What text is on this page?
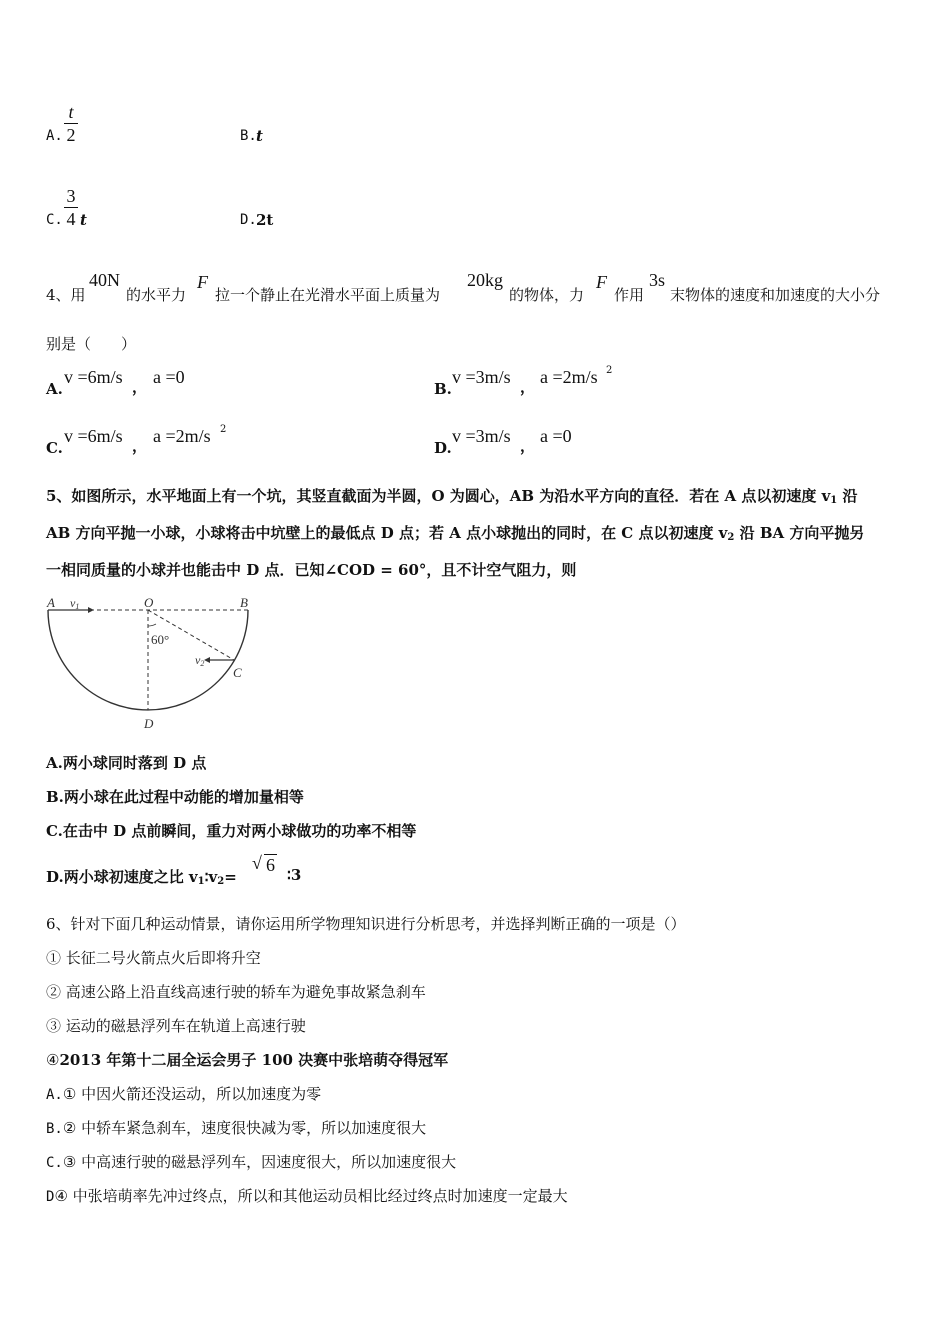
A.
t
2	B. t
C.
3
4 t	D. 2t
4、用
40N
的水平力
F
拉一个静止在光滑水平面上质量为
20kg
的物体，力
F
作用
3s
末物体的速度和加速度的大小分
别是（　　）
A.
v =6m/s ， a =0
B.
v =3m/s ， a =2m/s 2
C.
v =6m/s ， a =2m/s 2
D.
v =3m/s ， a =0
5、如图所示，水平地面上有一个坑，其竖直截面为半圆，O 为圆心，AB 为沿水平方向的直径．若在 A 点以初速度 $v_1$ 沿
AB 方向平抛一小球，小球将击中坑壁上的最低点 D 点；若 A 点小球抛出的同时，在 C 点以初速度 $v_2$ 沿 BA 方向平抛另
一相同质量的小球并也能击中 D 点．已知∠COD = 60°，且不计空气阻力，则
A v1	O	B
60°
v2
C
D
A.两小球同时落到 D 点
B.两小球在此过程中动能的增加量相等
C.在击中 D 点前瞬间，重力对两小球做功的功率不相等
D.两小球初速度之比 $v_1∶v_2=$
√ 6 ∶3
6、针对下面几种运动情景，请你运用所学物理知识进行分析思考，并选择判断正确的一项是（）
① 长征二号火箭点火后即将升空
② 高速公路上沿直线高速行驶的轿车为避免事故紧急刹车
③ 运动的磁悬浮列车在轨道上高速行驶
④2013 年第十二届全运会男子 100 决赛中张培萌夺得冠军
A.① 中因火箭还没运动，所以加速度为零
B.② 中轿车紧急刹车，速度很快减为零，所以加速度很大
C.③ 中高速行驶的磁悬浮列车，因速度很大，所以加速度很大
D④ 中张培萌率先冲过终点，所以和其他运动员相比经过终点时加速度一定最大
